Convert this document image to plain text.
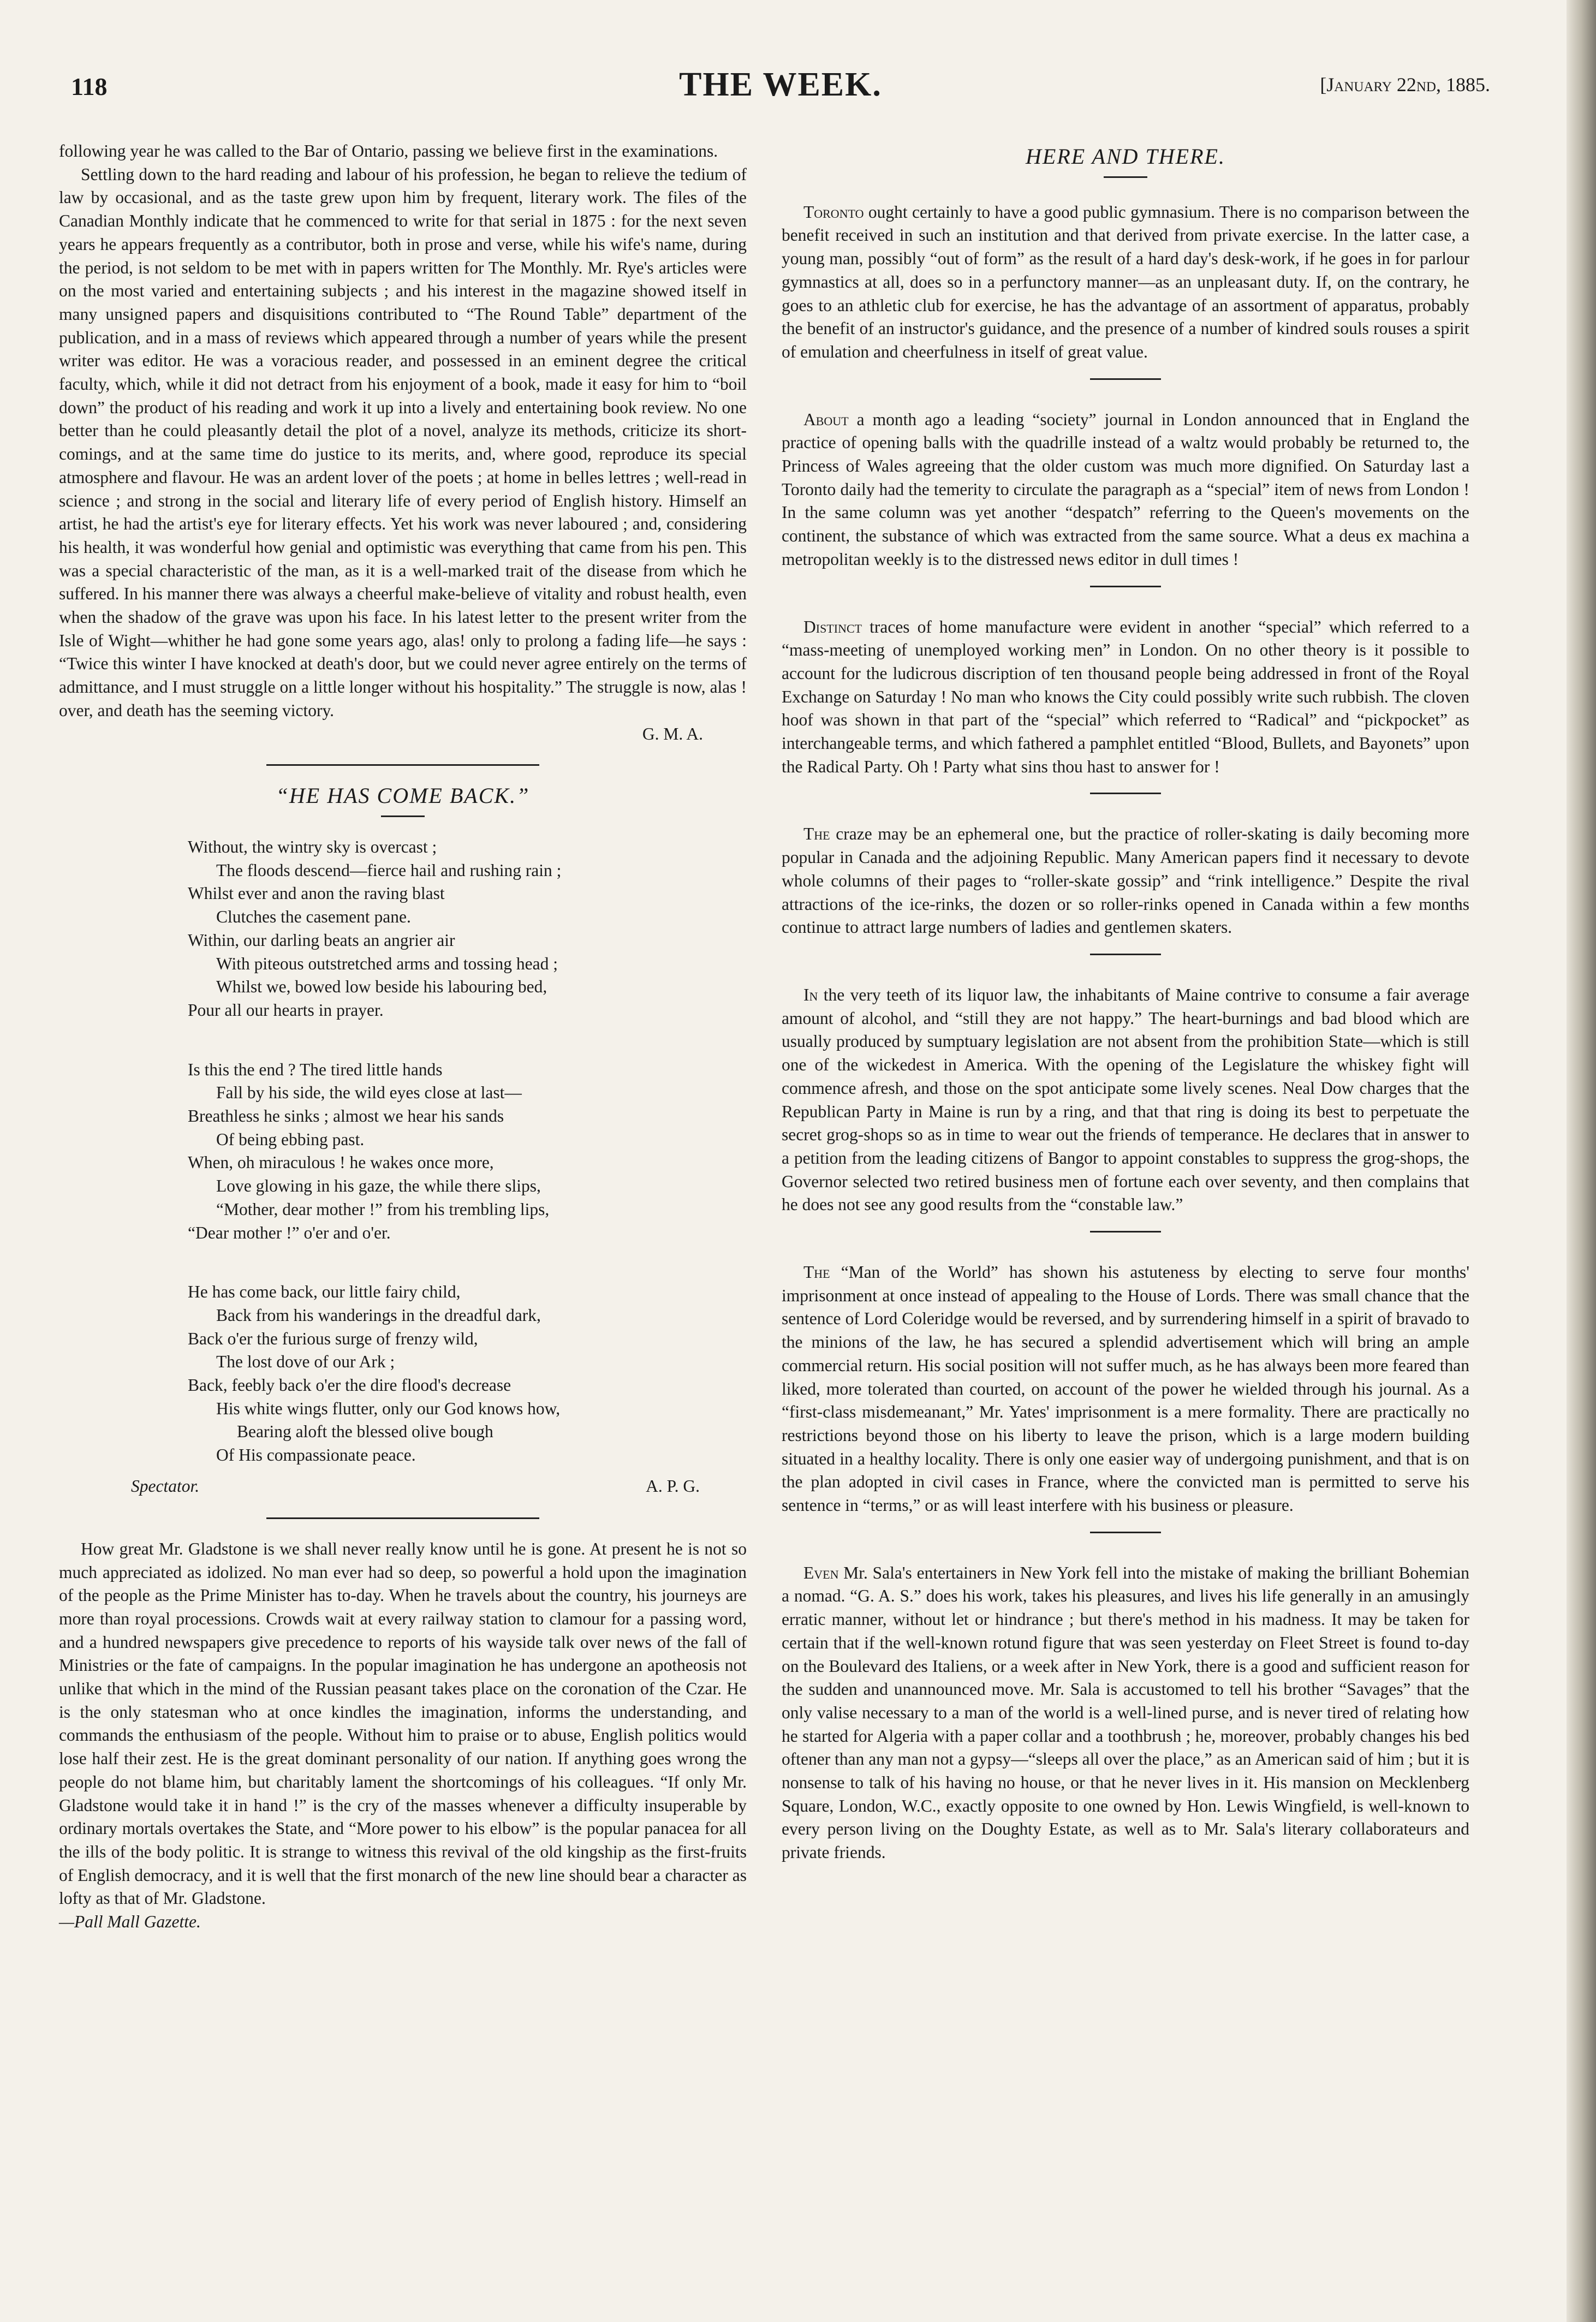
118	THE WEEK.	[January 22nd, 1885.

following year he was called to the Bar of Ontario, passing we believe first in the examinations.

Settling down to the hard reading and labour of his profession, he began to relieve the tedium of law by occasional, and as the taste grew upon him by frequent, literary work. The files of the Canadian Monthly indicate that he commenced to write for that serial in 1875 : for the next seven years he appears frequently as a contributor, both in prose and verse, while his wife's name, during the period, is not seldom to be met with in papers written for The Monthly. Mr. Rye's articles were on the most varied and entertaining subjects ; and his interest in the magazine showed itself in many unsigned papers and disquisitions contributed to “The Round Table” department of the publication, and in a mass of reviews which appeared through a number of years while the present writer was editor. He was a voracious reader, and possessed in an eminent degree the critical faculty, which, while it did not detract from his enjoyment of a book, made it easy for him to “boil down” the product of his reading and work it up into a lively and entertaining book review. No one better than he could pleasantly detail the plot of a novel, analyze its methods, criticize its short-comings, and at the same time do justice to its merits, and, where good, reproduce its special atmosphere and flavour. He was an ardent lover of the poets ; at home in belles lettres ; well-read in science ; and strong in the social and literary life of every period of English history. Himself an artist, he had the artist's eye for literary effects. Yet his work was never laboured ; and, considering his health, it was wonderful how genial and optimistic was everything that came from his pen. This was a special characteristic of the man, as it is a well-marked trait of the disease from which he suffered. In his manner there was always a cheerful make-believe of vitality and robust health, even when the shadow of the grave was upon his face. In his latest letter to the present writer from the Isle of Wight—whither he had gone some years ago, alas! only to prolong a fading life—he says : “Twice this winter I have knocked at death's door, but we could never agree entirely on the terms of admittance, and I must struggle on a little longer without his hospitality.” The struggle is now, alas ! over, and death has the seeming victory.

G. M. A.
“HE HAS COME BACK.”
Without, the wintry sky is overcast ;
The floods descend—fierce hail and rushing rain ;
Whilst ever and anon the raving blast
Clutches the casement pane.
Within, our darling beats an angrier air
With piteous outstretched arms and tossing head ;
Whilst we, bowed low beside his labouring bed,
Pour all our hearts in prayer.
Is this the end ? The tired little hands
Fall by his side, the wild eyes close at last—
Breathless he sinks ; almost we hear his sands
Of being ebbing past.
When, oh miraculous ! he wakes once more,
Love glowing in his gaze, the while there slips,
“Mother, dear mother !” from his trembling lips,
“Dear mother !” o'er and o'er.
He has come back, our little fairy child,
Back from his wanderings in the dreadful dark,
Back o'er the furious surge of frenzy wild,
The lost dove of our Ark ;
Back, feebly back o'er the dire flood's decrease
His white wings flutter, only our God knows how,
Bearing aloft the blessed olive bough
Of His compassionate peace.
Spectator.	A. P. G.

How great Mr. Gladstone is we shall never really know until he is gone. At present he is not so much appreciated as idolized. No man ever had so deep, so powerful a hold upon the imagination of the people as the Prime Minister has to-day. When he travels about the country, his journeys are more than royal processions. Crowds wait at every railway station to clamour for a passing word, and a hundred newspapers give precedence to reports of his wayside talk over news of the fall of Ministries or the fate of campaigns. In the popular imagination he has undergone an apotheosis not unlike that which in the mind of the Russian peasant takes place on the coronation of the Czar. He is the only statesman who at once kindles the imagination, informs the understanding, and commands the enthusiasm of the people. Without him to praise or to abuse, English politics would lose half their zest. He is the great dominant personality of our nation. If anything goes wrong the people do not blame him, but charitably lament the shortcomings of his colleagues. “If only Mr. Gladstone would take it in hand !” is the cry of the masses whenever a difficulty insuperable by ordinary mortals overtakes the State, and “More power to his elbow” is the popular panacea for all the ills of the body politic. It is strange to witness this revival of the old kingship as the first-fruits of English democracy, and it is well that the first monarch of the new line should bear a character as lofty as that of Mr. Gladstone.

—Pall Mall Gazette.
HERE AND THERE.

Toronto ought certainly to have a good public gymnasium. There is no comparison between the benefit received in such an institution and that derived from private exercise. In the latter case, a young man, possibly “out of form” as the result of a hard day's desk-work, if he goes in for parlour gymnastics at all, does so in a perfunctory manner—as an unpleasant duty. If, on the contrary, he goes to an athletic club for exercise, he has the advantage of an assortment of apparatus, probably the benefit of an instructor's guidance, and the presence of a number of kindred souls rouses a spirit of emulation and cheerfulness in itself of great value.

About a month ago a leading “society” journal in London announced that in England the practice of opening balls with the quadrille instead of a waltz would probably be returned to, the Princess of Wales agreeing that the older custom was much more dignified. On Saturday last a Toronto daily had the temerity to circulate the paragraph as a “special” item of news from London ! In the same column was yet another “despatch” referring to the Queen's movements on the continent, the substance of which was extracted from the same source. What a deus ex machina a metropolitan weekly is to the distressed news editor in dull times !

Distinct traces of home manufacture were evident in another “special” which referred to a “mass-meeting of unemployed working men” in London. On no other theory is it possible to account for the ludicrous discription of ten thousand people being addressed in front of the Royal Exchange on Saturday ! No man who knows the City could possibly write such rubbish. The cloven hoof was shown in that part of the “special” which referred to “Radical” and “pickpocket” as interchangeable terms, and which fathered a pamphlet entitled “Blood, Bullets, and Bayonets” upon the Radical Party. Oh ! Party what sins thou hast to answer for !

The craze may be an ephemeral one, but the practice of roller-skating is daily becoming more popular in Canada and the adjoining Republic. Many American papers find it necessary to devote whole columns of their pages to “roller-skate gossip” and “rink intelligence.” Despite the rival attractions of the ice-rinks, the dozen or so roller-rinks opened in Canada within a few months continue to attract large numbers of ladies and gentlemen skaters.

In the very teeth of its liquor law, the inhabitants of Maine contrive to consume a fair average amount of alcohol, and “still they are not happy.” The heart-burnings and bad blood which are usually produced by sumptuary legislation are not absent from the prohibition State—which is still one of the wickedest in America. With the opening of the Legislature the whiskey fight will commence afresh, and those on the spot anticipate some lively scenes. Neal Dow charges that the Republican Party in Maine is run by a ring, and that that ring is doing its best to perpetuate the secret grog-shops so as in time to wear out the friends of temperance. He declares that in answer to a petition from the leading citizens of Bangor to appoint constables to suppress the grog-shops, the Governor selected two retired business men of fortune each over seventy, and then complains that he does not see any good results from the “constable law.”

The “Man of the World” has shown his astuteness by electing to serve four months' imprisonment at once instead of appealing to the House of Lords. There was small chance that the sentence of Lord Coleridge would be reversed, and by surrendering himself in a spirit of bravado to the minions of the law, he has secured a splendid advertisement which will bring an ample commercial return. His social position will not suffer much, as he has always been more feared than liked, more tolerated than courted, on account of the power he wielded through his journal. As a “first-class misdemeanant,” Mr. Yates' imprisonment is a mere formality. There are practically no restrictions beyond those on his liberty to leave the prison, which is a large modern building situated in a healthy locality. There is only one easier way of undergoing punishment, and that is on the plan adopted in civil cases in France, where the convicted man is permitted to serve his sentence in “terms,” or as will least interfere with his business or pleasure.

Even Mr. Sala's entertainers in New York fell into the mistake of making the brilliant Bohemian a nomad. “G. A. S.” does his work, takes his pleasures, and lives his life generally in an amusingly erratic manner, without let or hindrance ; but there's method in his madness. It may be taken for certain that if the well-known rotund figure that was seen yesterday on Fleet Street is found to-day on the Boulevard des Italiens, or a week after in New York, there is a good and sufficient reason for the sudden and unannounced move. Mr. Sala is accustomed to tell his brother “Savages” that the only valise necessary to a man of the world is a well-lined purse, and is never tired of relating how he started for Algeria with a paper collar and a toothbrush ; he, moreover, probably changes his bed oftener than any man not a gypsy—“sleeps all over the place,” as an American said of him ; but it is nonsense to talk of his having no house, or that he never lives in it. His mansion on Mecklenberg Square, London, W.C., exactly opposite to one owned by Hon. Lewis Wingfield, is well-known to every person living on the Doughty Estate, as well as to Mr. Sala's literary collaborateurs and private friends.
